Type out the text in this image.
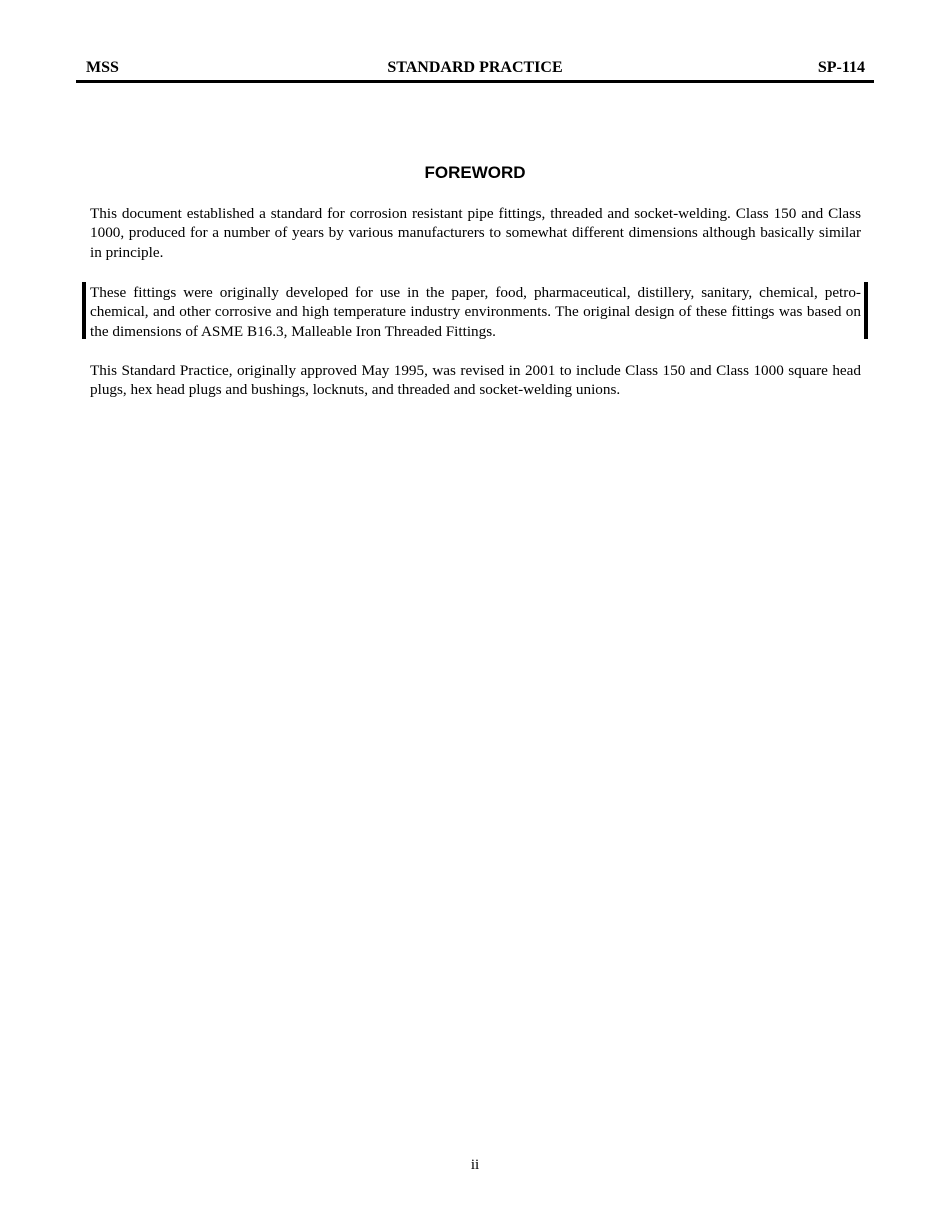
MSS	STANDARD PRACTICE	SP-114
FOREWORD

This document established a standard for corrosion resistant pipe fittings, threaded and socket-welding. Class 150 and Class 1000, produced for a number of years by various manufacturers to somewhat different dimensions although basically similar in principle.

These fittings were originally developed for use in the paper, food, pharmaceutical, distillery, sanitary, chemical, petro-chemical, and other corrosive and high temperature industry environments. The original design of these fittings was based on the dimensions of ASME B16.3, Malleable Iron Threaded Fittings.

This Standard Practice, originally approved May 1995, was revised in 2001 to include Class 150 and Class 1000 square head plugs, hex head plugs and bushings, locknuts, and threaded and socket-welding unions.

ii
